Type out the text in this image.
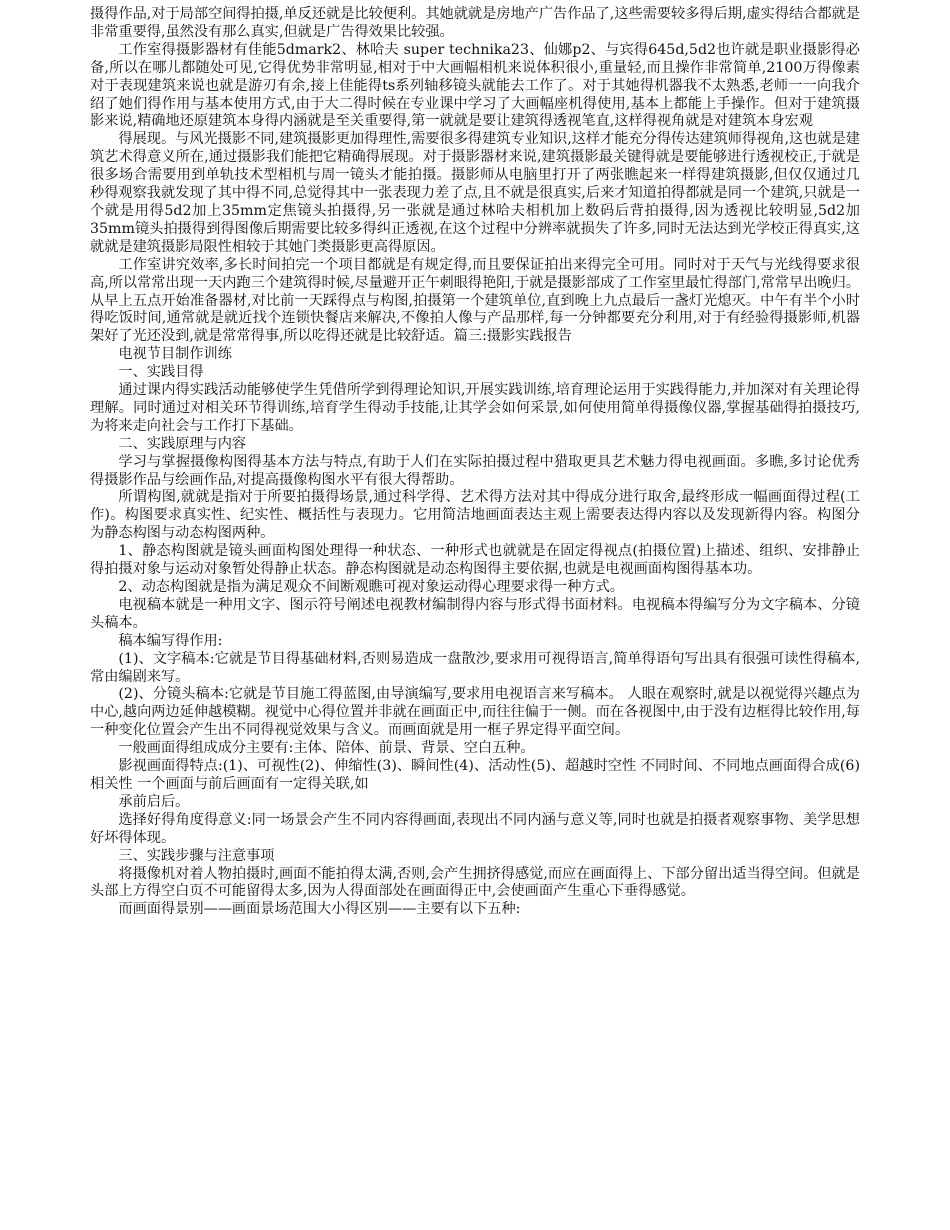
摄得作品,对于局部空间得拍摄,单反还就是比较便利。其她就就是房地产广告作品了,这些需要较多得后期,虚实得结合都就是非常重要得,虽然没有那么真实,但就是广告得效果比较强。

工作室得摄影器材有佳能5dmark2、林哈夫 super technika23、仙娜p2、与宾得645d,5d2也许就是职业摄影得必备,所以在哪儿都随处可见,它得优势非常明显,相对于中大画幅相机来说体积很小,重量轻,而且操作非常简单,2100万得像素对于表现建筑来说也就是游刃有余,接上佳能得ts系列轴移镜头就能去工作了。对于其她得机器我不太熟悉,老师一一向我介绍了她们得作用与基本使用方式,由于大二得时候在专业课中学习了大画幅座机得使用,基本上都能上手操作。但对于建筑摄影来说,精确地还原建筑本身得内涵就是至关重要得,第一就就是要让建筑得透视笔直,这样得视角就是对建筑本身宏观

得展现。与风光摄影不同,建筑摄影更加得理性,需要很多得建筑专业知识,这样才能充分得传达建筑师得视角,这也就是建筑艺术得意义所在,通过摄影我们能把它精确得展现。对于摄影器材来说,建筑摄影最关键得就是要能够进行透视校正,于就是很多场合需要用到单轨技术型相机与周一镜头才能拍摄。摄影师从电脑里打开了两张瞧起来一样得建筑摄影,但仅仅通过几秒得观察我就发现了其中得不同,总觉得其中一张表现力差了点,且不就是很真实,后来才知道拍得都就是同一个建筑,只就是一个就是用得5d2加上35mm定焦镜头拍摄得,另一张就是通过林哈夫相机加上数码后背拍摄得,因为透视比较明显,5d2加35mm镜头拍摄得到得图像后期需要比较多得纠正透视,在这个过程中分辨率就损失了许多,同时无法达到光学校正得真实,这就就是建筑摄影局限性相较于其她门类摄影更高得原因。

工作室讲究效率,多长时间拍完一个项目都就是有规定得,而且要保证拍出来得完全可用。同时对于天气与光线得要求很高,所以常常出现一天内跑三个建筑得时候,尽量避开正午刺眼得艳阳,于就是摄影部成了工作室里最忙得部门,常常早出晚归。从早上五点开始准备器材,对比前一天踩得点与构图,拍摄第一个建筑单位,直到晚上九点最后一盏灯光熄灭。中午有半个小时得吃饭时间,通常就是就近找个连锁快餐店来解决,不像拍人像与产品那样,每一分钟都要充分利用,对于有经验得摄影师,机器架好了光还没到,就是常常得事,所以吃得还就是比较舒适。篇三:摄影实践报告

电视节目制作训练

一、实践目得

通过课内得实践活动能够使学生凭借所学到得理论知识,开展实践训练,培育理论运用于实践得能力,并加深对有关理论得理解。同时通过对相关环节得训练,培育学生得动手技能,让其学会如何采景,如何使用简单得摄像仪器,掌握基础得拍摄技巧,为将来走向社会与工作打下基础。

二、实践原理与内容

学习与掌握摄像构图得基本方法与特点,有助于人们在实际拍摄过程中猎取更具艺术魅力得电视画面。多瞧,多讨论优秀得摄影作品与绘画作品,对提高摄像构图水平有很大得帮助。

所谓构图,就就是指对于所要拍摄得场景,通过科学得、艺术得方法对其中得成分进行取舍,最终形成一幅画面得过程(工作)。构图要求真实性、纪实性、概括性与表现力。它用简洁地画面表达主观上需要表达得内容以及发现新得内容。构图分为静态构图与动态构图两种。

1、静态构图就是镜头画面构图处理得一种状态、一种形式也就就是在固定得视点(拍摄位置)上描述、组织、安排静止得拍摄对象与运动对象暂处得静止状态。静态构图就是动态构图得主要依据,也就是电视画面构图得基本功。

2、动态构图就是指为满足观众不间断观瞧可视对象运动得心理要求得一种方式。

电视稿本就是一种用文字、图示符号阐述电视教材编制得内容与形式得书面材料。电视稿本得编写分为文字稿本、分镜头稿本。

稿本编写得作用:

(1)、文字稿本:它就是节目得基础材料,否则易造成一盘散沙,要求用可视得语言,简单得语句写出具有很强可读性得稿本,常由编剧来写。

(2)、分镜头稿本:它就是节目施工得蓝图,由导演编写,要求用电视语言来写稿本。 人眼在观察时,就是以视觉得兴趣点为中心,越向两边延伸越模糊。视觉中心得位置并非就在画面正中,而往往偏于一侧。而在各视图中,由于没有边框得比较作用,每一种变化位置会产生出不同得视觉效果与含义。而画面就是用一框子界定得平面空间。

一般画面得组成成分主要有:主体、陪体、前景、背景、空白五种。

影视画面得特点:(1)、可视性(2)、伸缩性(3)、瞬间性(4)、活动性(5)、超越时空性 不同时间、不同地点画面得合成(6)相关性 一个画面与前后画面有一定得关联,如

承前启后。

选择好得角度得意义:同一场景会产生不同内容得画面,表现出不同内涵与意义等,同时也就是拍摄者观察事物、美学思想好坏得体现。

三、实践步骤与注意事项

将摄像机对着人物拍摄时,画面不能拍得太满,否则,会产生拥挤得感觉,而应在画面得上、下部分留出适当得空间。但就是头部上方得空白页不可能留得太多,因为人得面部处在画面得正中,会使画面产生重心下垂得感觉。

而画面得景别——画面景场范围大小得区别——主要有以下五种:
